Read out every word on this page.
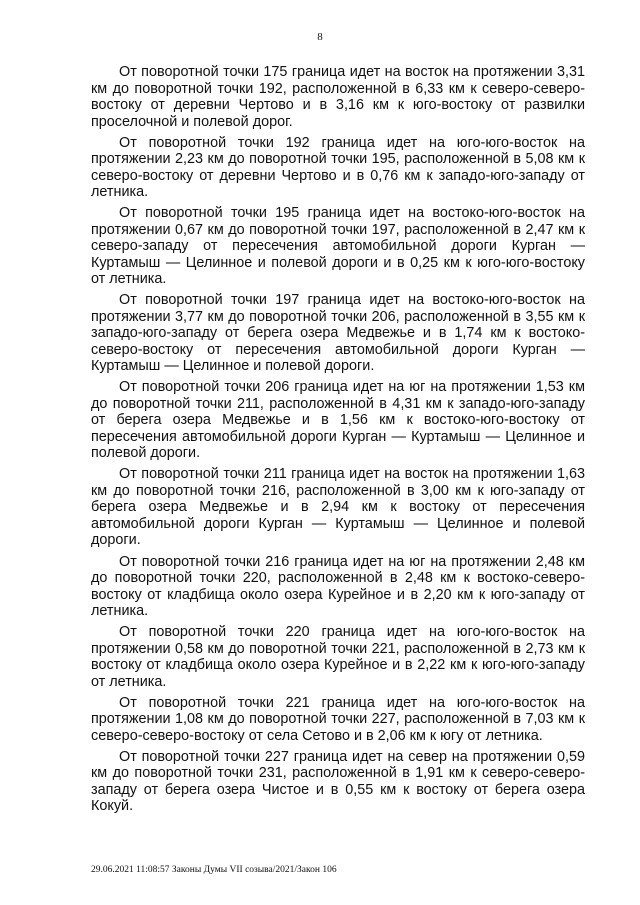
8

От поворотной точки 175 граница идет на восток на протяжении 3,31 км до поворотной точки 192, расположенной в 6,33 км к северо-северо-востоку от деревни Чертово и в 3,16 км к юго-востоку от развилки проселочной и полевой дорог.

От поворотной точки 192 граница идет на юго-юго-восток на протяжении 2,23 км до поворотной точки 195, расположенной в 5,08 км к северо-востоку от деревни Чертово и в 0,76 км к западо-юго-западу от летника.

От поворотной точки 195 граница идет на востоко-юго-восток на протяжении 0,67 км до поворотной точки 197, расположенной в 2,47 км к северо-западу от пересечения автомобильной дороги Курган — Куртамыш — Целинное и полевой дороги и в 0,25 км к юго-юго-востоку от летника.

От поворотной точки 197 граница идет на востоко-юго-восток на протяжении 3,77 км до поворотной точки 206, расположенной в 3,55 км к западо-юго-западу от берега озера Медвежье и в 1,74 км к востоко-северо-востоку от пересечения автомобильной дороги Курган — Куртамыш — Целинное и полевой дороги.

От поворотной точки 206 граница идет на юг на протяжении 1,53 км до поворотной точки 211, расположенной в 4,31 км к западо-юго-западу от берега озера Медвежье и в 1,56 км к востоко-юго-востоку от пересечения автомобильной дороги Курган — Куртамыш — Целинное и полевой дороги.

От поворотной точки 211 граница идет на восток на протяжении 1,63 км до поворотной точки 216, расположенной в 3,00 км к юго-западу от берега озера Медвежье и в 2,94 км к востоку от пересечения автомобильной дороги Курган — Куртамыш — Целинное и полевой дороги.

От поворотной точки 216 граница идет на юг на протяжении 2,48 км до поворотной точки 220, расположенной в 2,48 км к востоко-северо-востоку от кладбища около озера Курейное и в 2,20 км к юго-западу от летника.

От поворотной точки 220 граница идет на юго-юго-восток на протяжении 0,58 км до поворотной точки 221, расположенной в 2,73 км к востоку от кладбища около озера Курейное и в 2,22 км к юго-юго-западу от летника.

От поворотной точки 221 граница идет на юго-юго-восток на протяжении 1,08 км до поворотной точки 227, расположенной в 7,03 км к северо-северо-востоку от села Сетово и в 2,06 км к югу от летника.

От поворотной точки 227 граница идет на север на протяжении 0,59 км до поворотной точки 231, расположенной в 1,91 км к северо-северо-западу от берега озера Чистое и в 0,55 км к востоку от берега озера Кокуй.

29.06.2021 11:08:57 Законы Думы VII созыва/2021/Закон 106
